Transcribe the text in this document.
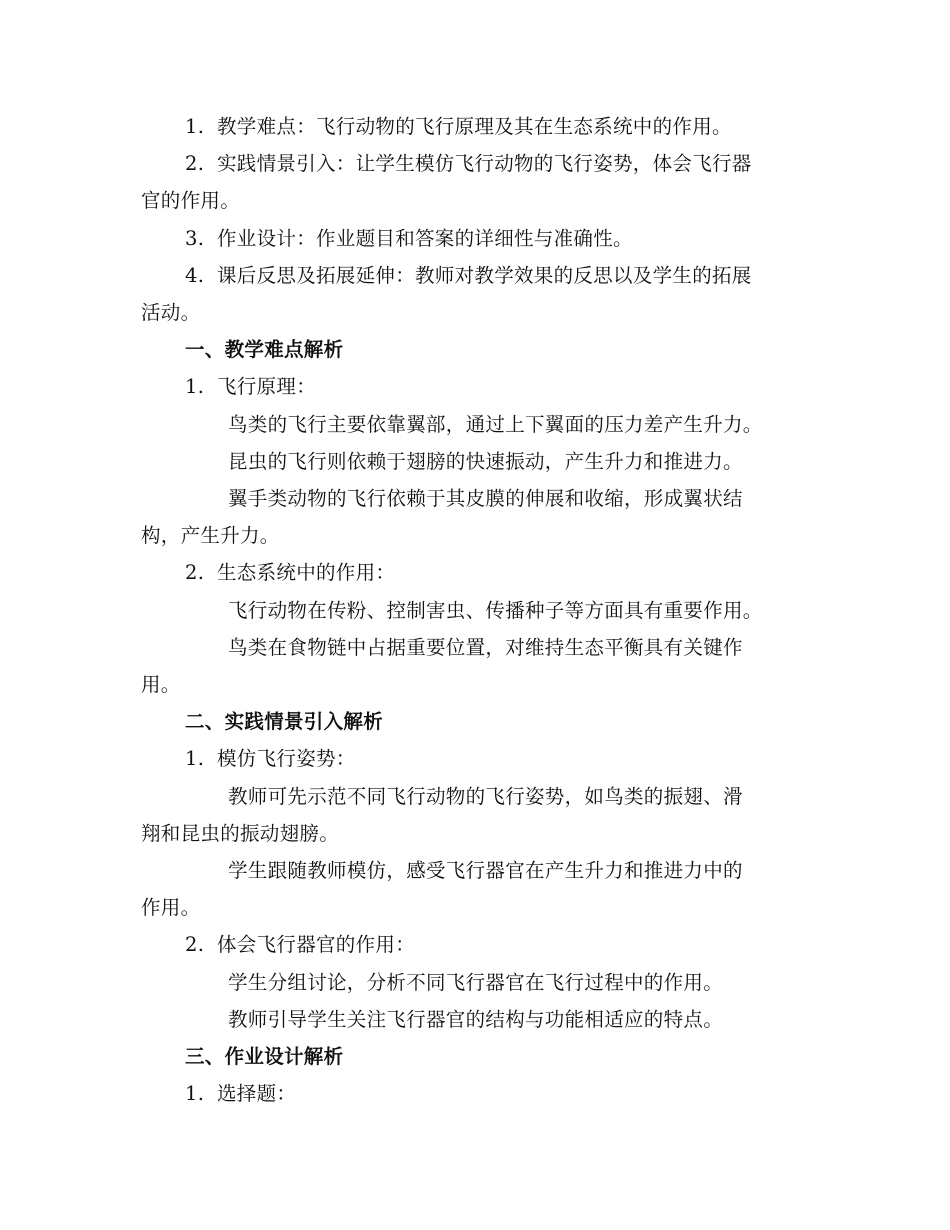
1. 教学难点：飞行动物的飞行原理及其在生态系统中的作用。

2. 实践情景引入：让学生模仿飞行动物的飞行姿势，体会飞行器

官的作用。

3. 作业设计：作业题目和答案的详细性与准确性。

4. 课后反思及拓展延伸：教师对教学效果的反思以及学生的拓展

活动。

一、教学难点解析

1. 飞行原理：

鸟类的飞行主要依靠翼部，通过上下翼面的压力差产生升力。

昆虫的飞行则依赖于翅膀的快速振动，产生升力和推进力。

翼手类动物的飞行依赖于其皮膜的伸展和收缩，形成翼状结

构，产生升力。

2. 生态系统中的作用：

飞行动物在传粉、控制害虫、传播种子等方面具有重要作用。

鸟类在食物链中占据重要位置，对维持生态平衡具有关键作

用。

二、实践情景引入解析

1. 模仿飞行姿势：

教师可先示范不同飞行动物的飞行姿势，如鸟类的振翅、滑

翔和昆虫的振动翅膀。

学生跟随教师模仿，感受飞行器官在产生升力和推进力中的

作用。

2. 体会飞行器官的作用：

学生分组讨论，分析不同飞行器官在飞行过程中的作用。

教师引导学生关注飞行器官的结构与功能相适应的特点。

三、作业设计解析

1. 选择题：
